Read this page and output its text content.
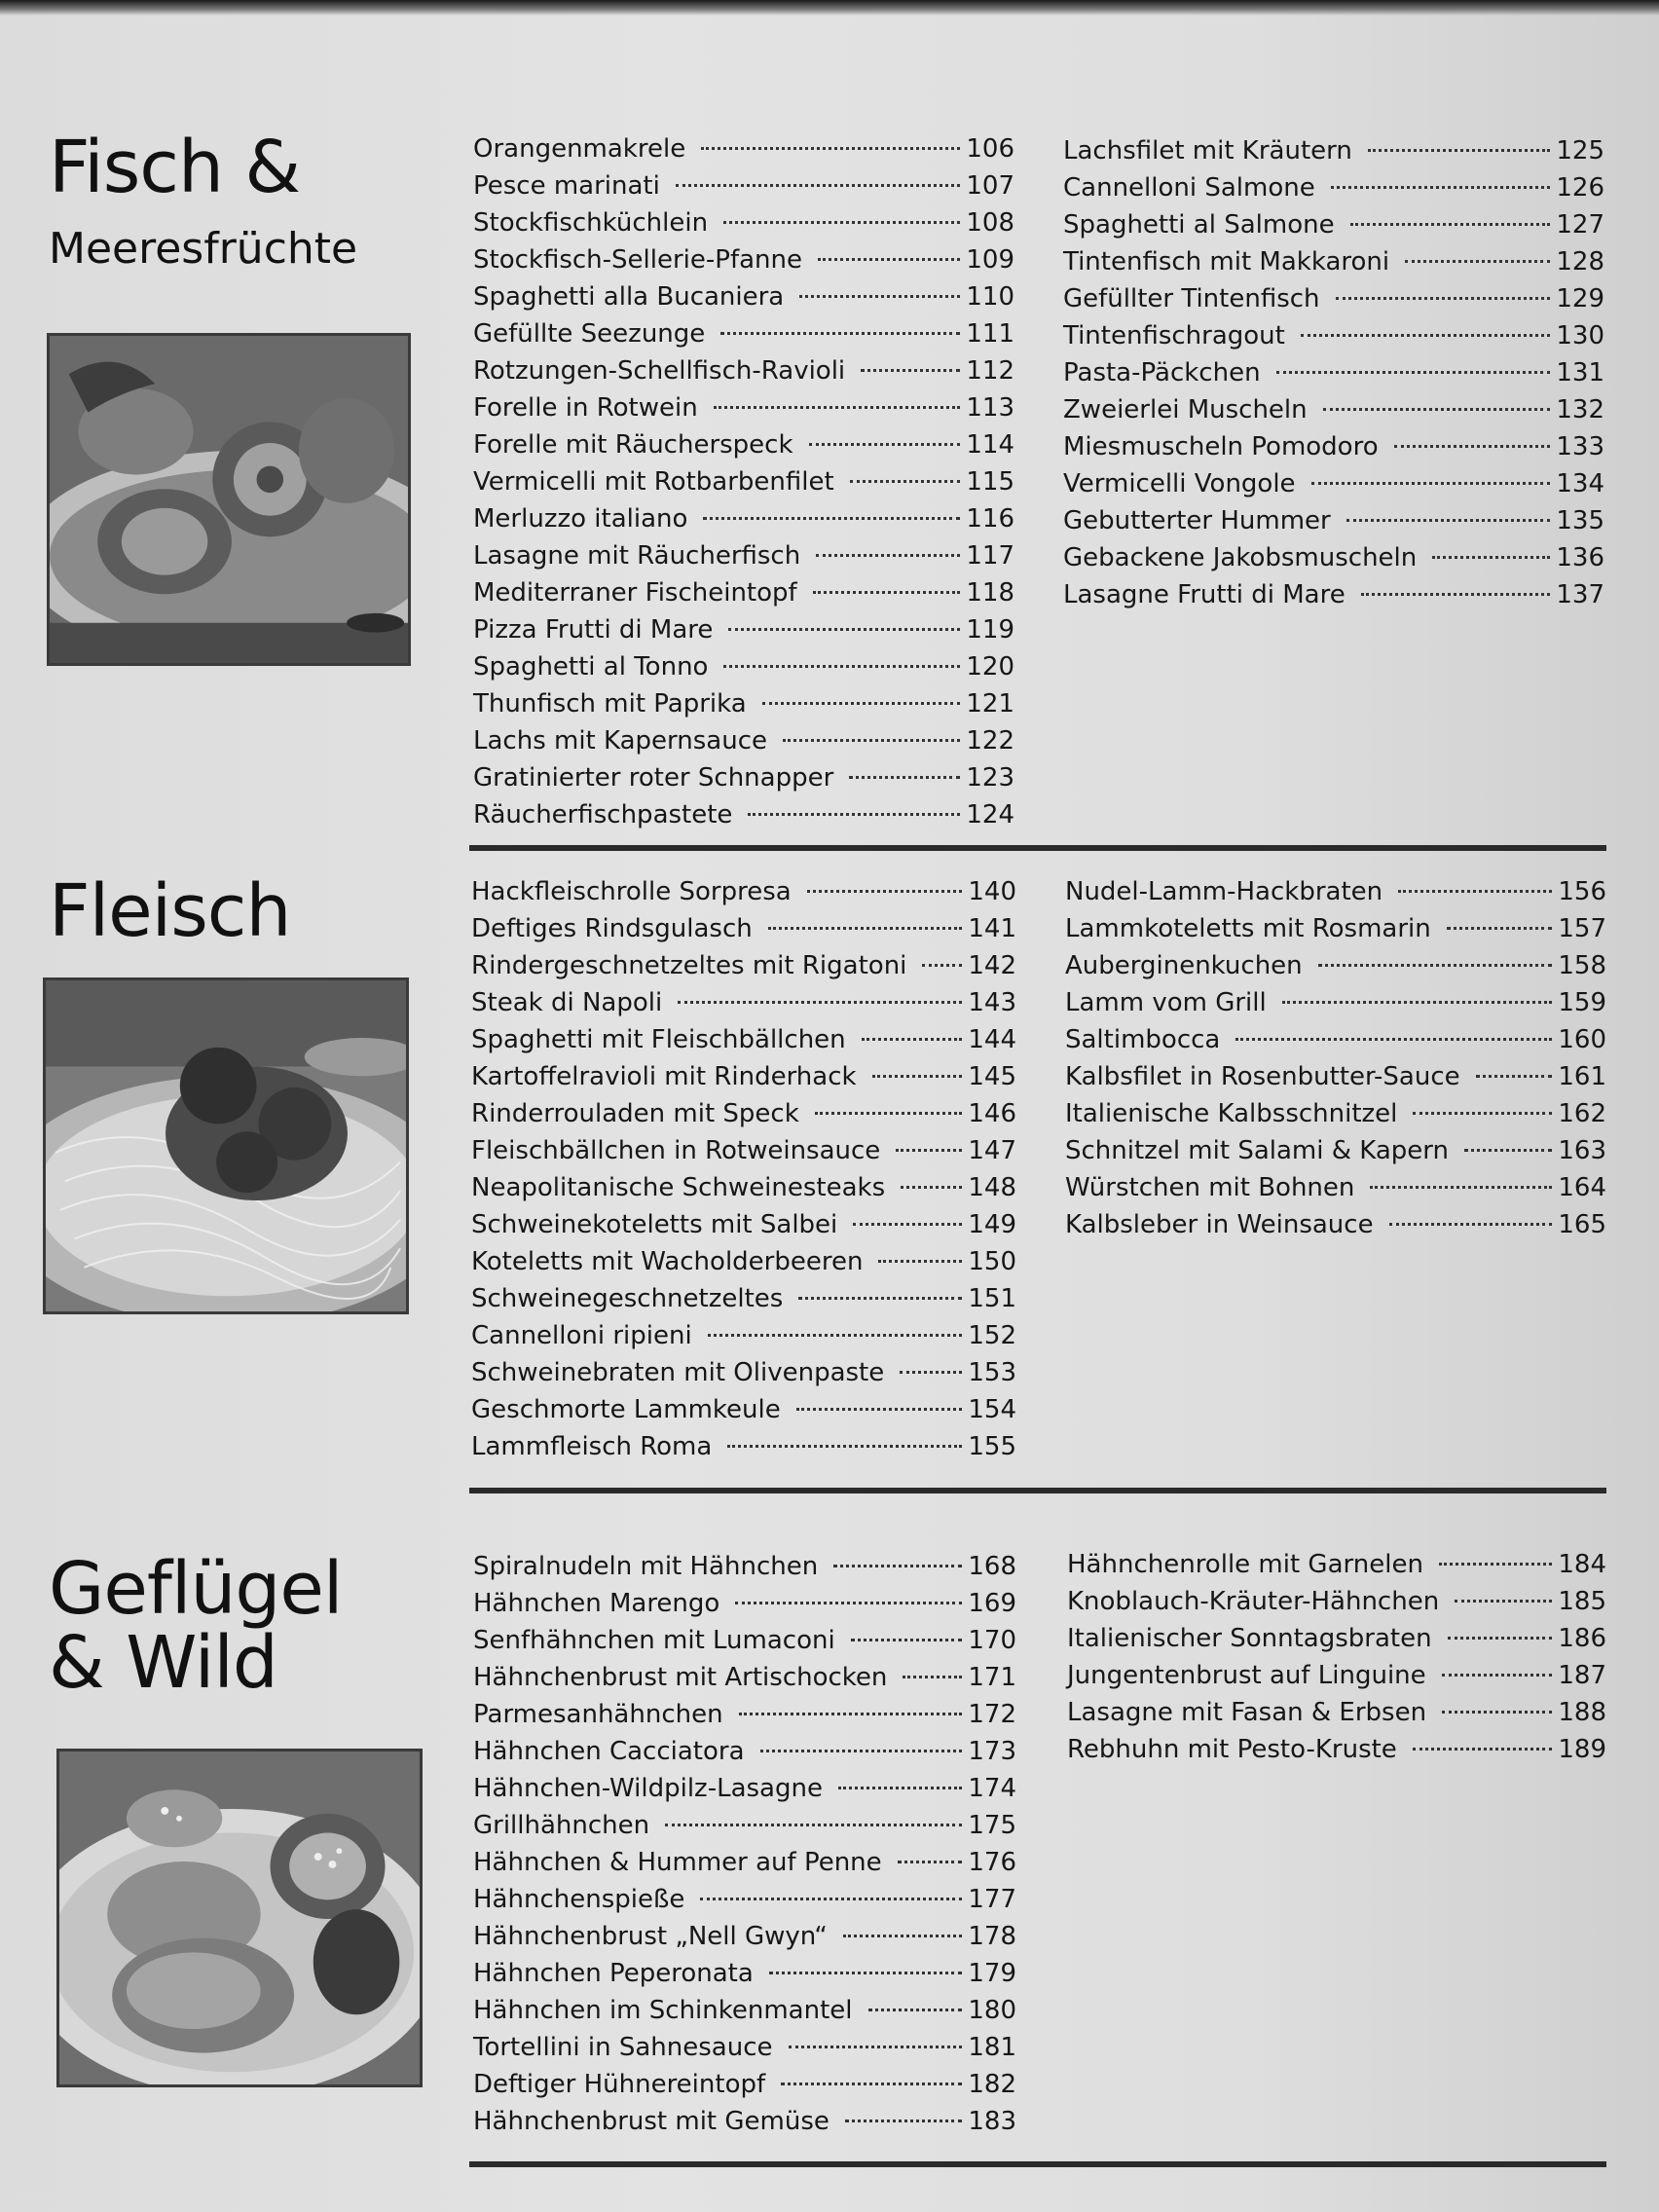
Fisch &
Meeresfrüchte
Orangenmakrele	106
Pesce marinati	107
Stockfischküchlein	108
Stockfisch-Sellerie-Pfanne	109
Spaghetti alla Bucaniera	110
Gefüllte Seezunge	111
Rotzungen-Schellfisch-Ravioli	112
Forelle in Rotwein	113
Forelle mit Räucherspeck	114
Vermicelli mit Rotbarbenfilet	115
Merluzzo italiano	116
Lasagne mit Räucherfisch	117
Mediterraner Fischeintopf	118
Pizza Frutti di Mare	119
Spaghetti al Tonno	120
Thunfisch mit Paprika	121
Lachs mit Kapernsauce	122
Gratinierter roter Schnapper	123
Räucherfischpastete	124
Lachsfilet mit Kräutern	125
Cannelloni Salmone	126
Spaghetti al Salmone	127
Tintenfisch mit Makkaroni	128
Gefüllter Tintenfisch	129
Tintenfischragout	130
Pasta-Päckchen	131
Zweierlei Muscheln	132
Miesmuscheln Pomodoro	133
Vermicelli Vongole	134
Gebutterter Hummer	135
Gebackene Jakobsmuscheln	136
Lasagne Frutti di Mare	137
Fleisch	Hackfleischrolle Sorpresa	140
Deftiges Rindsgulasch	141
Rindergeschnetzeltes mit Rigatoni 142
Steak di Napoli	143
Spaghetti mit Fleischbällchen	144
Kartoffelravioli mit Rinderhack	145
Rinderrouladen mit Speck	146
Fleischbällchen in Rotweinsauce	147
Neapolitanische Schweinesteaks	148
Schweinekoteletts mit Salbei	149
Koteletts mit Wacholderbeeren	150
Schweinegeschnetzeltes	151
Cannelloni ripieni	152
Schweinebraten mit Olivenpaste	153
Geschmorte Lammkeule	154
Lammfleisch Roma	155
Nudel-Lamm-Hackbraten	156
Lammkoteletts mit Rosmarin	157
Auberginenkuchen	158
Lamm vom Grill	159
Saltimbocca	160
Kalbsfilet in Rosenbutter-Sauce	161
Italienische Kalbsschnitzel	162
Schnitzel mit Salami & Kapern	163
Würstchen mit Bohnen	164
Kalbsleber in Weinsauce	165
Geflügel
& Wild
Spiralnudeln mit Hähnchen	168
Hähnchen Marengo	169
Senfhähnchen mit Lumaconi	170
Hähnchenbrust mit Artischocken	171
Parmesanhähnchen	172
Hähnchen Cacciatora	173
Hähnchen-Wildpilz-Lasagne	174
Grillhähnchen	175
Hähnchen & Hummer auf Penne	176
Hähnchenspieße	177
Hähnchenbrust „Nell Gwyn“	178
Hähnchen Peperonata	179
Hähnchen im Schinkenmantel	180
Tortellini in Sahnesauce	181
Deftiger Hühnereintopf	182
Hähnchenbrust mit Gemüse	183
Hähnchenrolle mit Garnelen	184
Knoblauch-Kräuter-Hähnchen	185
Italienischer Sonntagsbraten	186
Jungentenbrust auf Linguine	187
Lasagne mit Fasan & Erbsen	188
Rebhuhn mit Pesto-Kruste	189
Antikvárium.hu
